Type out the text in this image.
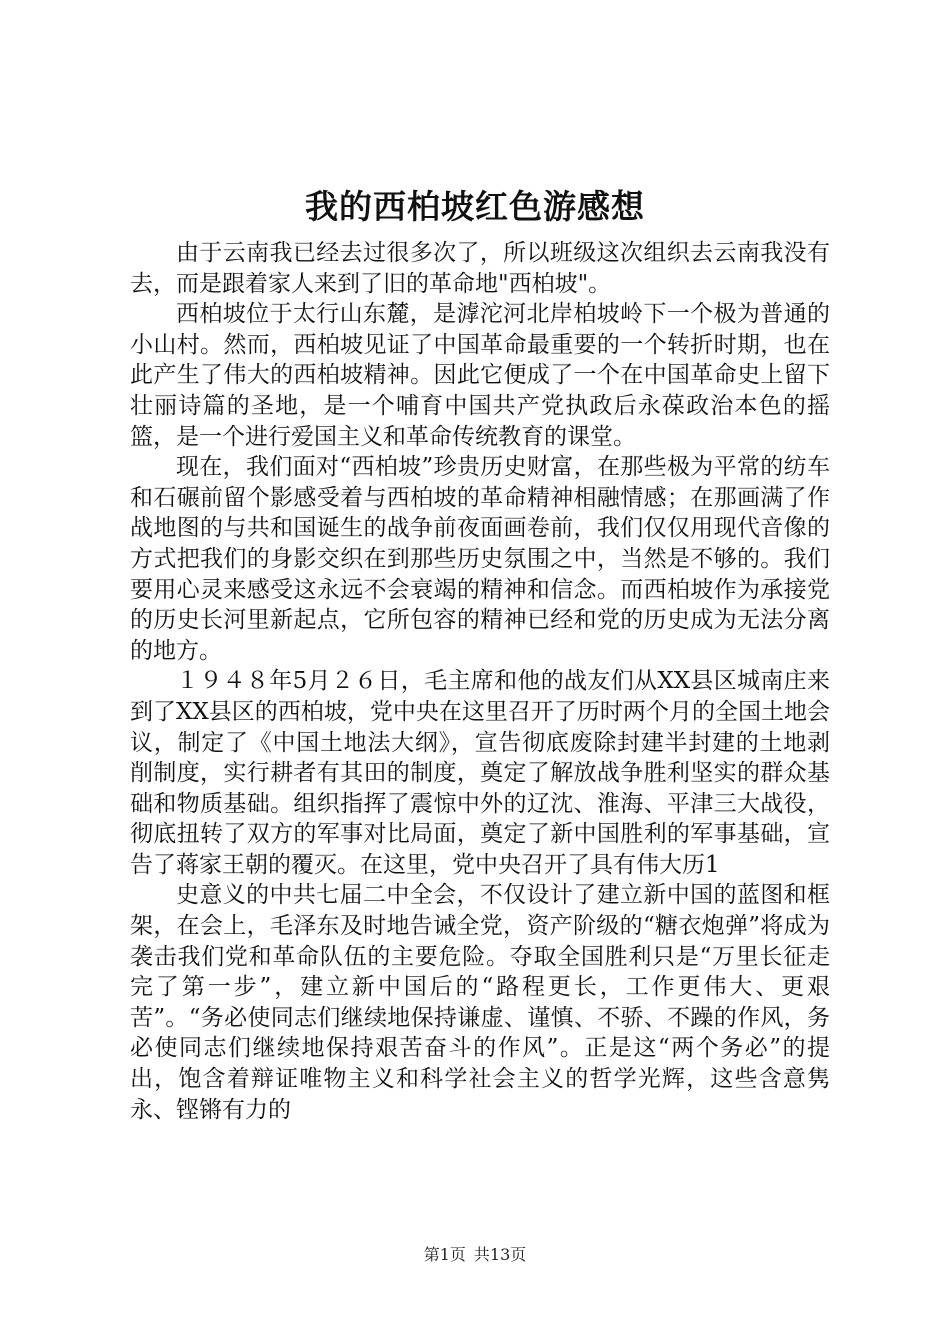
我的西柏坡红色游感想

由于云南我已经去过很多次了，所以班级这次组织去云南我没有去，而是跟着家人来到了旧的革命地"西柏坡"。

西柏坡位于太行山东麓，是滹沱河北岸柏坡岭下一个极为普通的小山村。然而，西柏坡见证了中国革命最重要的一个转折时期，也在此产生了伟大的西柏坡精神。因此它便成了一个在中国革命史上留下壮丽诗篇的圣地，是一个哺育中国共产党执政后永葆政治本色的摇篮，是一个进行爱国主义和革命传统教育的课堂。

现在，我们面对“西柏坡”珍贵历史财富，在那些极为平常的纺车和石碾前留个影感受着与西柏坡的革命精神相融情感；在那画满了作战地图的与共和国诞生的战争前夜面画卷前，我们仅仅用现代音像的方式把我们的身影交织在到那些历史氛围之中，当然是不够的。我们要用心灵来感受这永远不会衰竭的精神和信念。而西柏坡作为承接党的历史长河里新起点，它所包容的精神已经和党的历史成为无法分离的地方。

１９４８年5月２６日，毛主席和他的战友们从XX县区城南庄来到了XX县区的西柏坡，党中央在这里召开了历时两个月的全国土地会议，制定了《中国土地法大纲》，宣告彻底废除封建半封建的土地剥削制度，实行耕者有其田的制度，奠定了解放战争胜利坚实的群众基础和物质基础。组织指挥了震惊中外的辽沈、淮海、平津三大战役，彻底扭转了双方的军事对比局面，奠定了新中国胜利的军事基础，宣告了蒋家王朝的覆灭。在这里，党中央召开了具有伟大历1

史意义的中共七届二中全会，不仅设计了建立新中国的蓝图和框架，在会上，毛泽东及时地告诫全党，资产阶级的“糖衣炮弹”将成为袭击我们党和革命队伍的主要危险。夺取全国胜利只是“万里长征走完了第一步”，建立新中国后的“路程更长，工作更伟大、更艰苦”。“务必使同志们继续地保持谦虚、谨慎、不骄、不躁的作风，务必使同志们继续地保持艰苦奋斗的作风”。正是这“两个务必”的提出，饱含着辩证唯物主义和科学社会主义的哲学光辉，这些含意隽永、铿锵有力的

第1页 共13页
